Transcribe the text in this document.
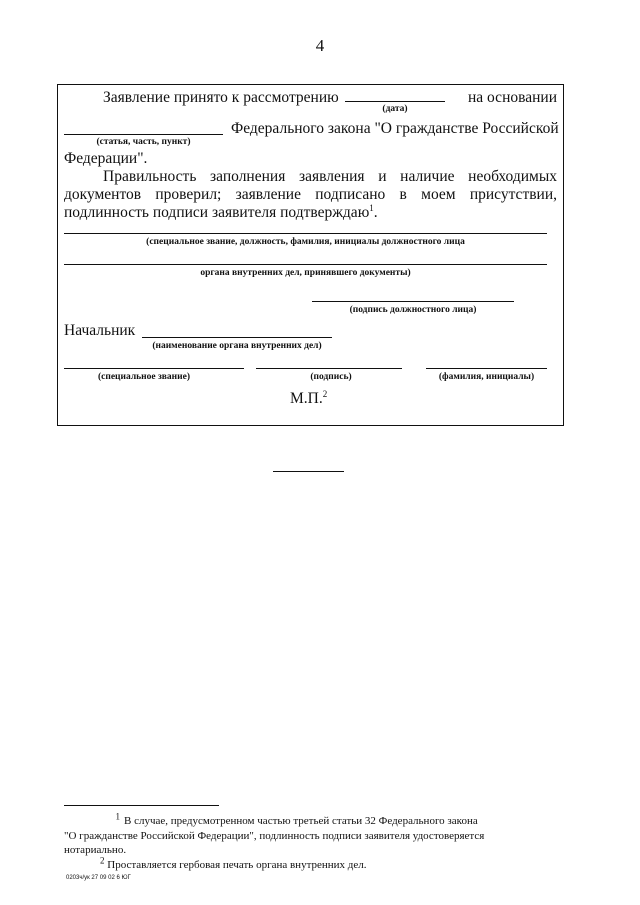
4
Заявление принято к рассмотрению
(дата)
на основании
Федерального закона "О гражданстве Российской
(статья, часть, пункт)
Федерации".
Правильность заполнения заявления и наличие необходимых
документов проверил; заявление подписано в моем присутствии,
подлинность подписи заявителя подтверждаю$^1$.
(специальное звание, должность, фамилия, инициалы должностного лица
органа внутренних дел, принявшего документы)
(подпись должностного лица)
Начальник
(наименование органа внутренних дел)
(специальное звание)	(подпись)	(фамилия, инициалы)
М.П.$^2$
$^1$ В случае, предусмотренном частью третьей статьи 32 Федерального закона
"О гражданстве Российской Федерации", подлинность подписи заявителя удостоверяется
нотариально.
$^2$ Проставляется гербовая печать органа внутренних дел.
0203ч/ук 27 09 02 6 ЮГ
